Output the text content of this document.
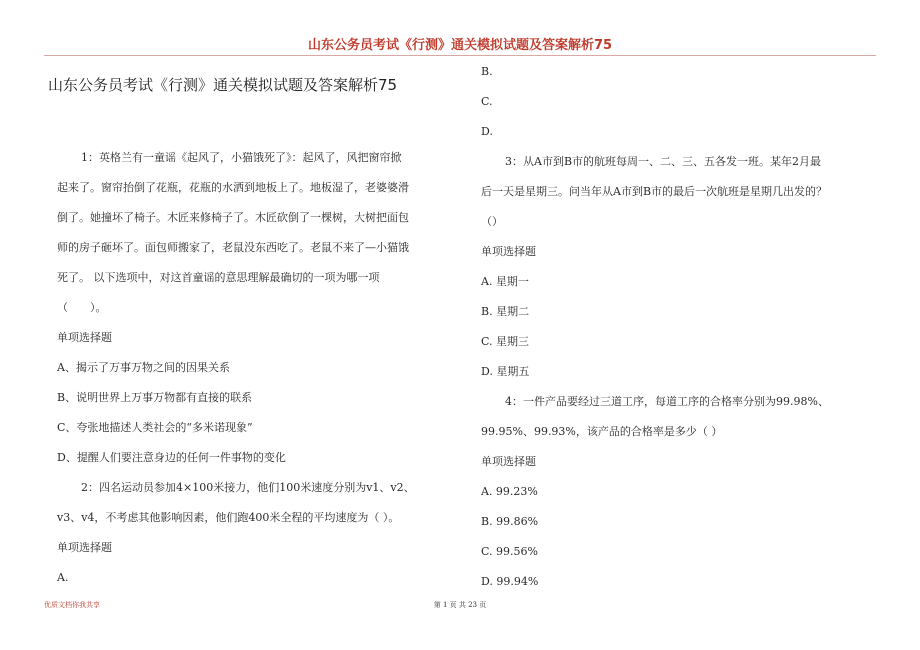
山东公务员考试《行测》通关模拟试题及答案解析75
山东公务员考试《行测》通关模拟试题及答案解析75

1：英格兰有一童谣《起风了，小猫饿死了》：起风了，风把窗帘掀

起来了。窗帘抬倒了花瓶，花瓶的水洒到地板上了。地板湿了，老婆婆滑

倒了。她撞坏了椅子。木匠来修椅子了。木匠砍倒了一棵树，大树把面包

师的房子砸坏了。面包师搬家了，老鼠没东西吃了。老鼠不来了—小猫饿

死了。 以下选项中，对这首童谣的意思理解最确切的一项为哪一项

（　　）。

单项选择题

A、揭示了万事万物之间的因果关系

B、说明世界上万事万物都有直接的联系

C、夸张地描述人类社会的“多米诺现象”

D、提醒人们要注意身边的任何一件事物的变化

2：四名运动员参加4×100米接力，他们100米速度分别为v1、v2、

v3、v4，不考虑其他影响因素，他们跑400米全程的平均速度为（ ）。

单项选择题

A.

B.

C.

D.

3：从A市到B市的航班每周一、二、三、五各发一班。某年2月最

后一天是星期三。问当年从A市到B市的最后一次航班是星期几出发的？

（）

单项选择题

A. 星期一

B. 星期二

C. 星期三

D. 星期五

4：一件产品要经过三道工序，每道工序的合格率分别为99.98%、

99.95%、99.93%，该产品的合格率是多少（ ）

单项选择题

A. 99.23%

B. 99.86%

C. 99.56%

D. 99.94%

优质文档你我共享	第 1 页 共 23 页
